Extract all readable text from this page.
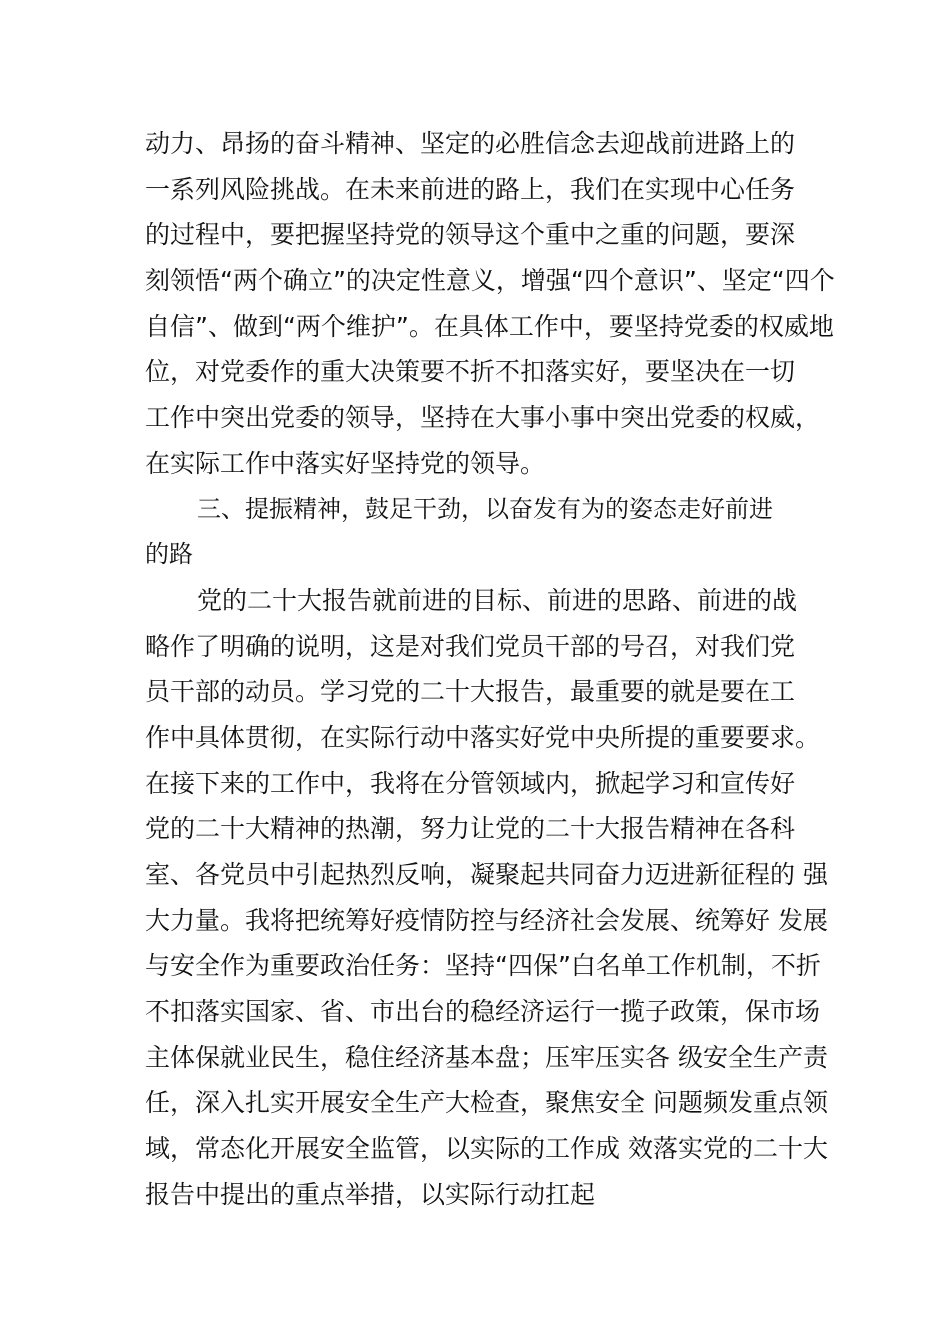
动力、昂扬的奋斗精神、坚定的必胜信念去迎战前进路上的
一系列风险挑战。在未来前进的路上，我们在实现中心任务
的过程中，要把握坚持党的领导这个重中之重的问题，要深
刻领悟“两个确立”的决定性意义，增强“四个意识”、坚定“四个
自信”、做到“两个维护”。在具体工作中，要坚持党委的权威地
位，对党委作的重大决策要不折不扣落实好，要坚决在一切
工作中突出党委的领导，坚持在大事小事中突出党委的权威，
在实际工作中落实好坚持党的领导。
三、提振精神，鼓足干劲，以奋发有为的姿态走好前进
的路
党的二十大报告就前进的目标、前进的思路、前进的战
略作了明确的说明，这是对我们党员干部的号召，对我们党
员干部的动员。学习党的二十大报告，最重要的就是要在工
作中具体贯彻，在实际行动中落实好党中央所提的重要要求。
在接下来的工作中，我将在分管领域内，掀起学习和宣传好
党的二十大精神的热潮，努力让党的二十大报告精神在各科
室、各党员中引起热烈反响，凝聚起共同奋力迈进新征程的 强
大力量。我将把统筹好疫情防控与经济社会发展、统筹好 发展
与安全作为重要政治任务：坚持“四保”白名单工作机制，不折
不扣落实国家、省、市出台的稳经济运行一揽子政策，保市场
主体保就业民生，稳住经济基本盘；压牢压实各 级安全生产责
任，深入扎实开展安全生产大检查，聚焦安全 问题频发重点领
域，常态化开展安全监管，以实际的工作成 效落实党的二十大
报告中提出的重点举措，以实际行动扛起
